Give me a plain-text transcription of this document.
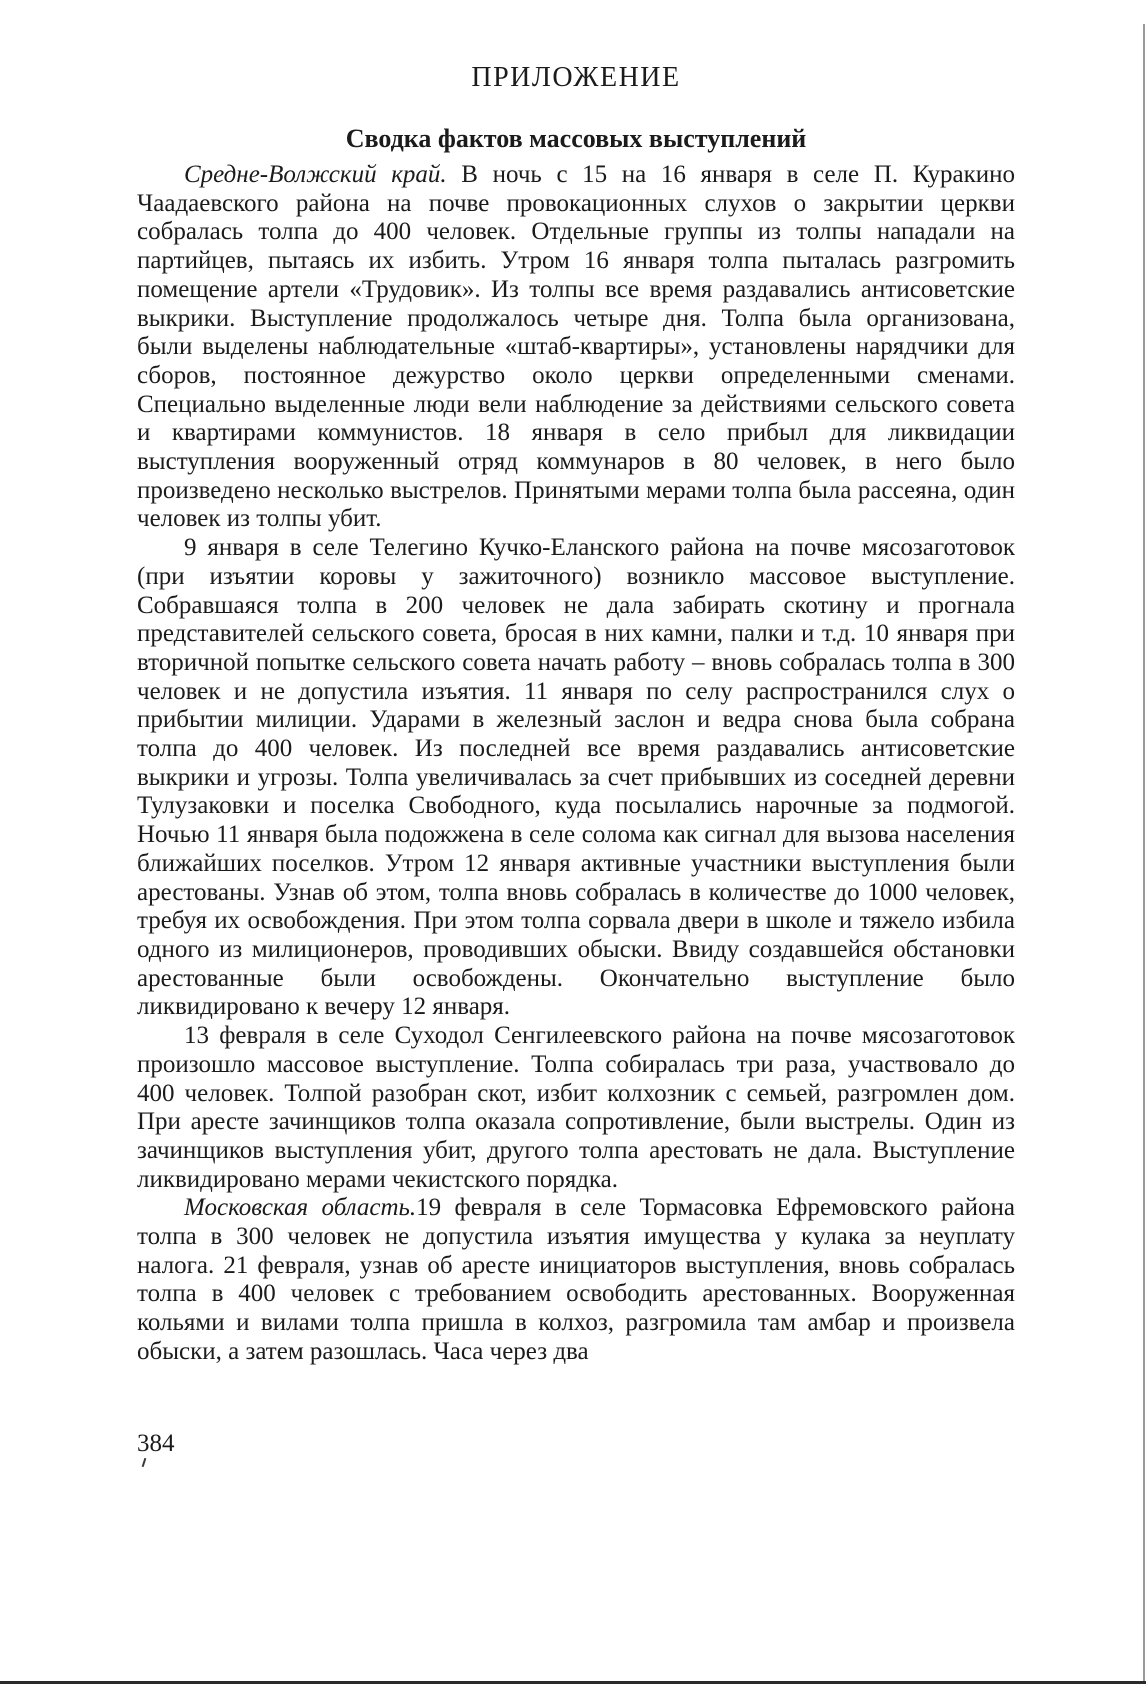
ПРИЛОЖЕНИЕ
Сводка фактов массовых выступлений

Средне-Волжский край. В ночь с 15 на 16 января в селе П. Куракино Чаадаевского района на почве провокационных слухов о закрытии церкви собралась толпа до 400 человек. Отдельные группы из толпы нападали на партийцев, пытаясь их избить. Утром 16 января толпа пыталась разгромить помещение артели «Трудовик». Из толпы все время раздавались антисоветские выкрики. Выступление продолжалось четыре дня. Толпа была организована, были выделены наблюдательные «штаб-квартиры», установлены нарядчики для сборов, постоянное дежурство около церкви определенными сменами. Специально выделенные люди вели наблюдение за действиями сельского совета и квартирами коммунистов. 18 января в село прибыл для ликвидации выступления вооруженный отряд коммунаров в 80 человек, в него было произведено несколько выстрелов. Принятыми мерами толпа была рассеяна, один человек из толпы убит.

9 января в селе Телегино Кучко-Еланского района на почве мясозаготовок (при изъятии коровы у зажиточного) возникло массовое выступление. Собравшаяся толпа в 200 человек не дала забирать скотину и прогнала представителей сельского совета, бросая в них камни, палки и т.д. 10 января при вторичной попытке сельского совета начать работу – вновь собралась толпа в 300 человек и не допустила изъятия. 11 января по селу распространился слух о прибытии милиции. Ударами в железный заслон и ведра снова была собрана толпа до 400 человек. Из последней все время раздавались антисоветские выкрики и угрозы. Толпа увеличивалась за счет прибывших из соседней деревни Тулузаковки и поселка Свободного, куда посылались нарочные за подмогой. Ночью 11 января была подожжена в селе солома как сигнал для вызова населения ближайших поселков. Утром 12 января активные участники выступления были арестованы. Узнав об этом, толпа вновь собралась в количестве до 1000 человек, требуя их освобождения. При этом толпа сорвала двери в школе и тяжело избила одного из милиционеров, проводивших обыски. Ввиду создавшейся обстановки арестованные были освобождены. Окончательно выступление было ликвидировано к вечеру 12 января.

13 февраля в селе Суходол Сенгилеевского района на почве мясозаготовок произошло массовое выступление. Толпа собиралась три раза, участвовало до 400 человек. Толпой разобран скот, избит колхозник с семьей, разгромлен дом. При аресте зачинщиков толпа оказала сопротивление, были выстрелы. Один из зачинщиков выступления убит, другого толпа арестовать не дала. Выступление ликвидировано мерами чекистского порядка.

Московская область.19 февраля в селе Тормасовка Ефремовского района толпа в 300 человек не допустила изъятия имущества у кулака за неуплату налога. 21 февраля, узнав об аресте инициаторов выступления, вновь собралась толпа в 400 человек с требованием освободить арестованных. Вооруженная кольями и вилами толпа пришла в колхоз, разгромила там амбар и произвела обыски, а затем разошлась. Часа через два

384
